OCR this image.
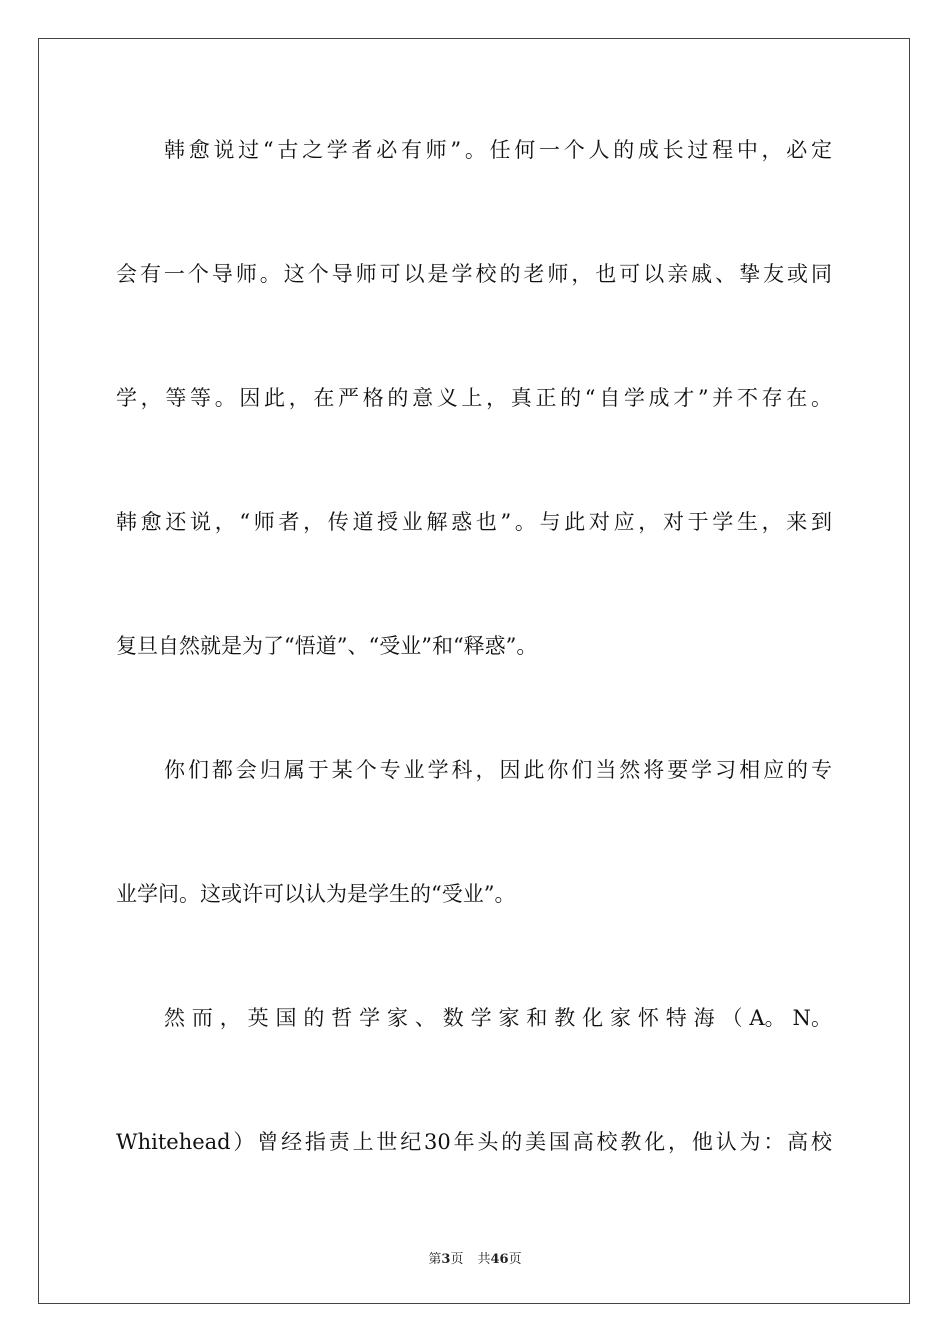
韩愈说过“古之学者必有师”。任何一个人的成长过程中，必定
会有一个导师。这个导师可以是学校的老师，也可以亲戚、挚友或同
学，等等。因此，在严格的意义上，真正的“自学成才”并不存在。
韩愈还说，“师者，传道授业解惑也”。与此对应，对于学生，来到
复旦自然就是为了“悟道”、“受业”和“释惑”。
你们都会归属于某个专业学科，因此你们当然将要学习相应的专
业学问。这或许可以认为是学生的“受业”。
然 而 ， 英 国 的 哲 学 家 、 数 学 家 和 教 化 家 怀 特 海 （ A。 N。
Whitehead）曾经指责上世纪30年头的美国高校教化，他认为：高校
第3页 共46页
